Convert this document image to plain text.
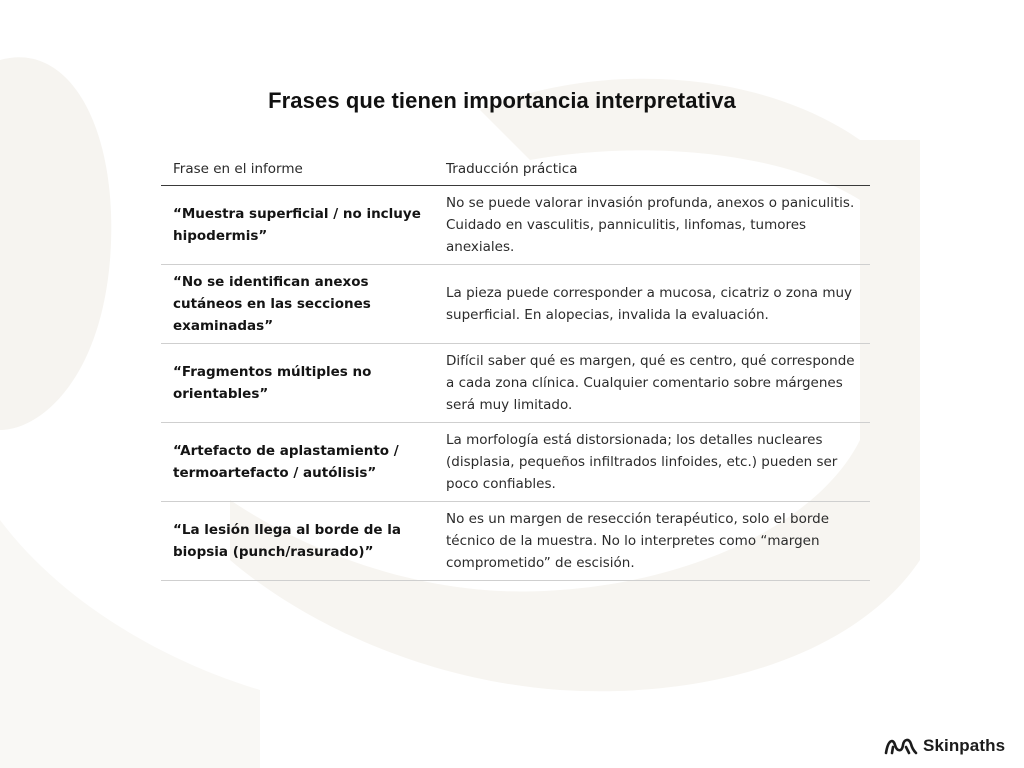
Frases que tienen importancia interpretativa
Frase en el informe	Traducción práctica
“Muestra superficial / no incluye hipodermis”	No se puede valorar invasión profunda, anexos o paniculitis. Cuidado en vasculitis, panniculitis, linfomas, tumores anexiales.
“No se identifican anexos cutáneos en las secciones examinadas”	La pieza puede corresponder a mucosa, cicatriz o zona muy superficial. En alopecias, invalida la evaluación.
“Fragmentos múltiples no orientables”	Difícil saber qué es margen, qué es centro, qué corresponde a cada zona clínica. Cualquier comentario sobre márgenes será muy limitado.
“Artefacto de aplastamiento / termoartefacto / autólisis”	La morfología está distorsionada; los detalles nucleares (displasia, pequeños infiltrados linfoides, etc.) pueden ser poco confiables.
“La lesión llega al borde de la biopsia (punch/rasurado)”	No es un margen de resección terapéutico, solo el borde técnico de la muestra. No lo interpretes como “margen comprometido” de escisión.
Skinpaths
